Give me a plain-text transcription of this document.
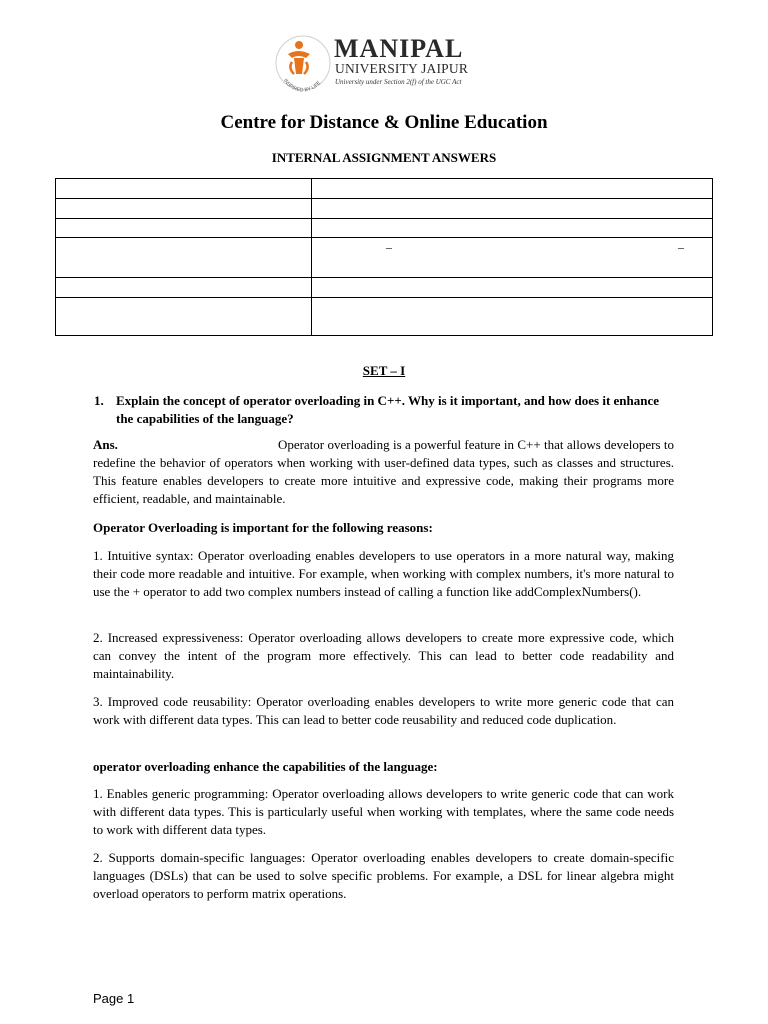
INSPIRED BY LIFE
MANIPAL
UNIVERSITY JAIPUR
University under Section 2(f) of the UGC Act
Centre for Distance & Online Education
INTERNAL ASSIGNMENT ANSWERS

	– –

SET – I
1. Explain the concept of operator overloading in C++. Why is it important, and how does it enhance the capabilities of the language?
Ans.	Operator overloading is a powerful feature in C++ that allows developers to redefine the behavior of operators when working with user-defined data types, such as classes and structures. This feature enables developers to create more intuitive and expressive code, making their programs more efficient, readable, and maintainable.
Operator Overloading is important for the following reasons:
1. Intuitive syntax: Operator overloading enables developers to use operators in a more natural way, making their code more readable and intuitive. For example, when working with complex numbers, it's more natural to use the + operator to add two complex numbers instead of calling a function like addComplexNumbers().
2. Increased expressiveness: Operator overloading allows developers to create more expressive code, which can convey the intent of the program more effectively. This can lead to better code readability and maintainability.
3. Improved code reusability: Operator overloading enables developers to write more generic code that can work with different data types. This can lead to better code reusability and reduced code duplication.
operator overloading enhance the capabilities of the language:
1. Enables generic programming: Operator overloading allows developers to write generic code that can work with different data types. This is particularly useful when working with templates, where the same code needs to work with different data types.
2. Supports domain-specific languages: Operator overloading enables developers to create domain-specific languages (DSLs) that can be used to solve specific problems. For example, a DSL for linear algebra might overload operators to perform matrix operations.
Page 1
